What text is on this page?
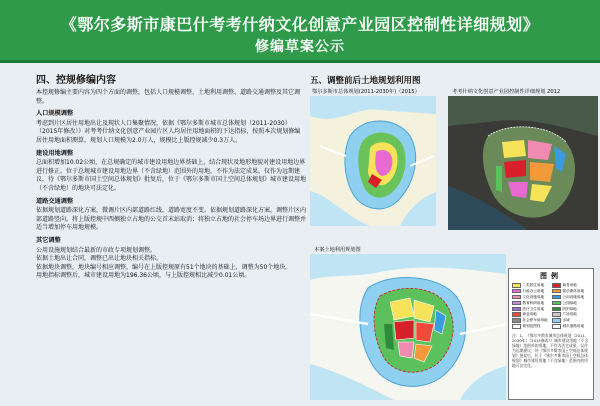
《鄂尔多斯市康巴什考考什纳文化创意产业园区控制性详细规划》
修编草案公示
四、控规修编内容
本控规修编主要内容为四个方面的调整，包括人口规模调整、土地利用调整、道路交通调整及其它调整。
人口规模调整
考虑到片区居住用地出让及现状人口集聚情况，依据《鄂尔多斯市城市总体规划（2011-2030）（2015年修改）》对考考什纳文化创意产业园片区人均居住用地面积的下达指标，按照本次规划修编居住用地面积测算，规划人口规模为2.0万人，规模比上版控规减少0.3万人。
建设用地调整
总面积增加10.02公顷，在总规确定的城市建设用地边界基础上，结合现状及地形地貌对建设用地边界进行修正。位于总规城市建设用地边界（不含绿地）范围外的用地，不作为法定成果，仅作为远期建议，待《鄂尔多斯市国土空间总体规划》批复后，位于《鄂尔多斯市国土空间总体规划》城市建设用地（不含绿地）的地块可法定化。
道路交通调整
依据规划道路深化方案，微调片区内部道路红线，道路宽度不变。依据规划道路深化方案，调整片区内部道路竖向。将上版控规中西侧独立占地的公交首末站取消；将独立占地的社会停车场边界进行调整并适当增加停车用地规模。
其它调整
公用设施规划结合最新的市政专项规划调整。
依据土地出让合同，调整已出让地块相关指标。
依据地块调整，地块编号相应调整，编号在上版控规原有51个地块的基础上，调整为50个地块。
用地指标调整后，城市建设用地为196.36公顷，与上版控规相比减少0.01公顷。
五、调整前后土地规划利用图
鄂尔多斯市总体规划(2011-2030年)（2015）	考考什纳文化创意产业园控制性详细规划 2012
本案土地利用规划图
图例
二类居住用地	商务用地
行政办公用地	娱乐康体用地
文化设施用地	公用设施用地
教育科研用地	公园绿地
医疗卫生用地	防护绿地
商业用地	广场用地
社会停车场用地	水域
规划范围线	城市道路用地
注：1、《鄂尔多斯市城市总体规划（2011-2030年）（2015修改）》城市建设用地（不含绿地）范围外的用地，不作为法定成果，仅作为远期建议；待《鄂尔多斯市国土空间总体规划》批复后，位于《鄂尔多斯市国土空间总体规划》城市建设用地（不含绿地）范围内的用地可法定化。
